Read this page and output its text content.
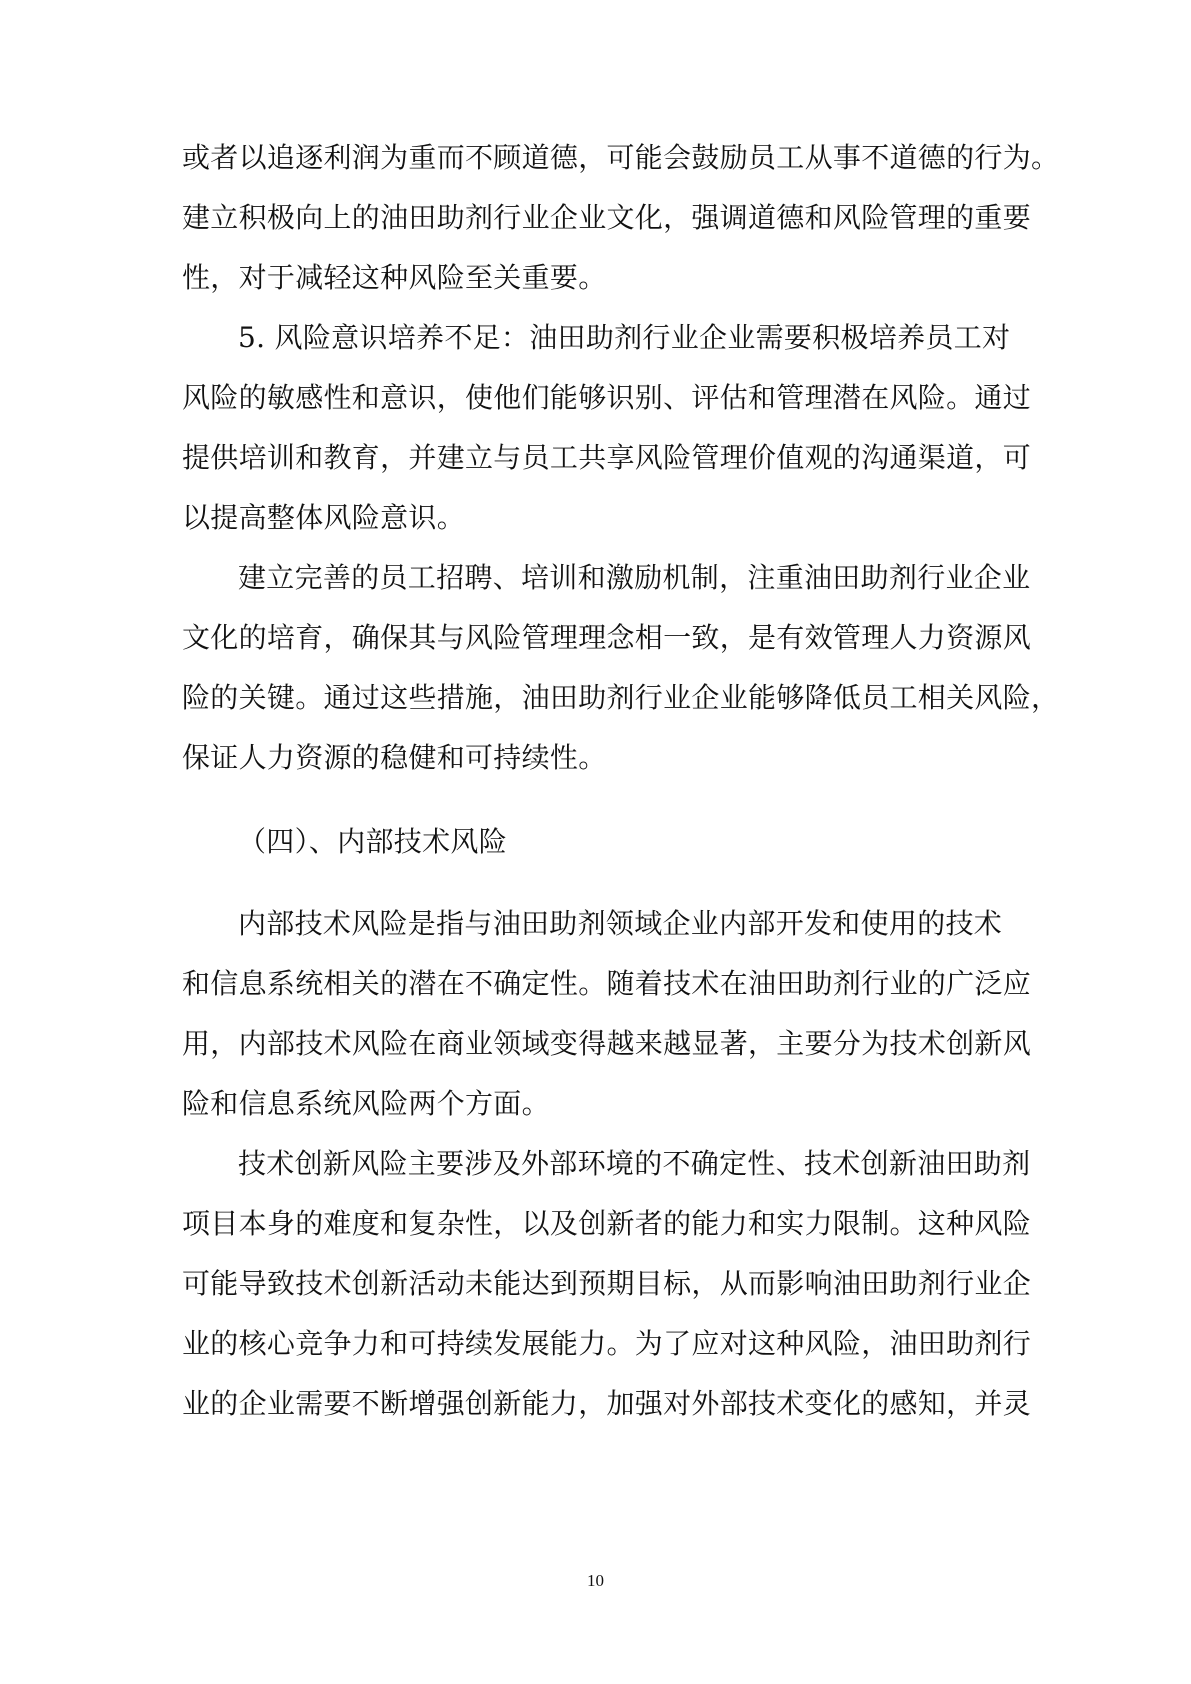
或者以追逐利润为重而不顾道德，可能会鼓励员工从事不道德的行为。
建立积极向上的油田助剂行业企业文化，强调道德和风险管理的重要
性，对于减轻这种风险至关重要。
5. 风险意识培养不足：油田助剂行业企业需要积极培养员工对
风险的敏感性和意识，使他们能够识别、评估和管理潜在风险。通过
提供培训和教育，并建立与员工共享风险管理价值观的沟通渠道，可
以提高整体风险意识。
建立完善的员工招聘、培训和激励机制，注重油田助剂行业企业
文化的培育，确保其与风险管理理念相一致，是有效管理人力资源风
险的关键。通过这些措施，油田助剂行业企业能够降低员工相关风险，
保证人力资源的稳健和可持续性。
（四）、内部技术风险
内部技术风险是指与油田助剂领域企业内部开发和使用的技术
和信息系统相关的潜在不确定性。随着技术在油田助剂行业的广泛应
用，内部技术风险在商业领域变得越来越显著，主要分为技术创新风
险和信息系统风险两个方面。
技术创新风险主要涉及外部环境的不确定性、技术创新油田助剂
项目本身的难度和复杂性，以及创新者的能力和实力限制。这种风险
可能导致技术创新活动未能达到预期目标，从而影响油田助剂行业企
业的核心竞争力和可持续发展能力。为了应对这种风险，油田助剂行
业的企业需要不断增强创新能力，加强对外部技术变化的感知，并灵
10
